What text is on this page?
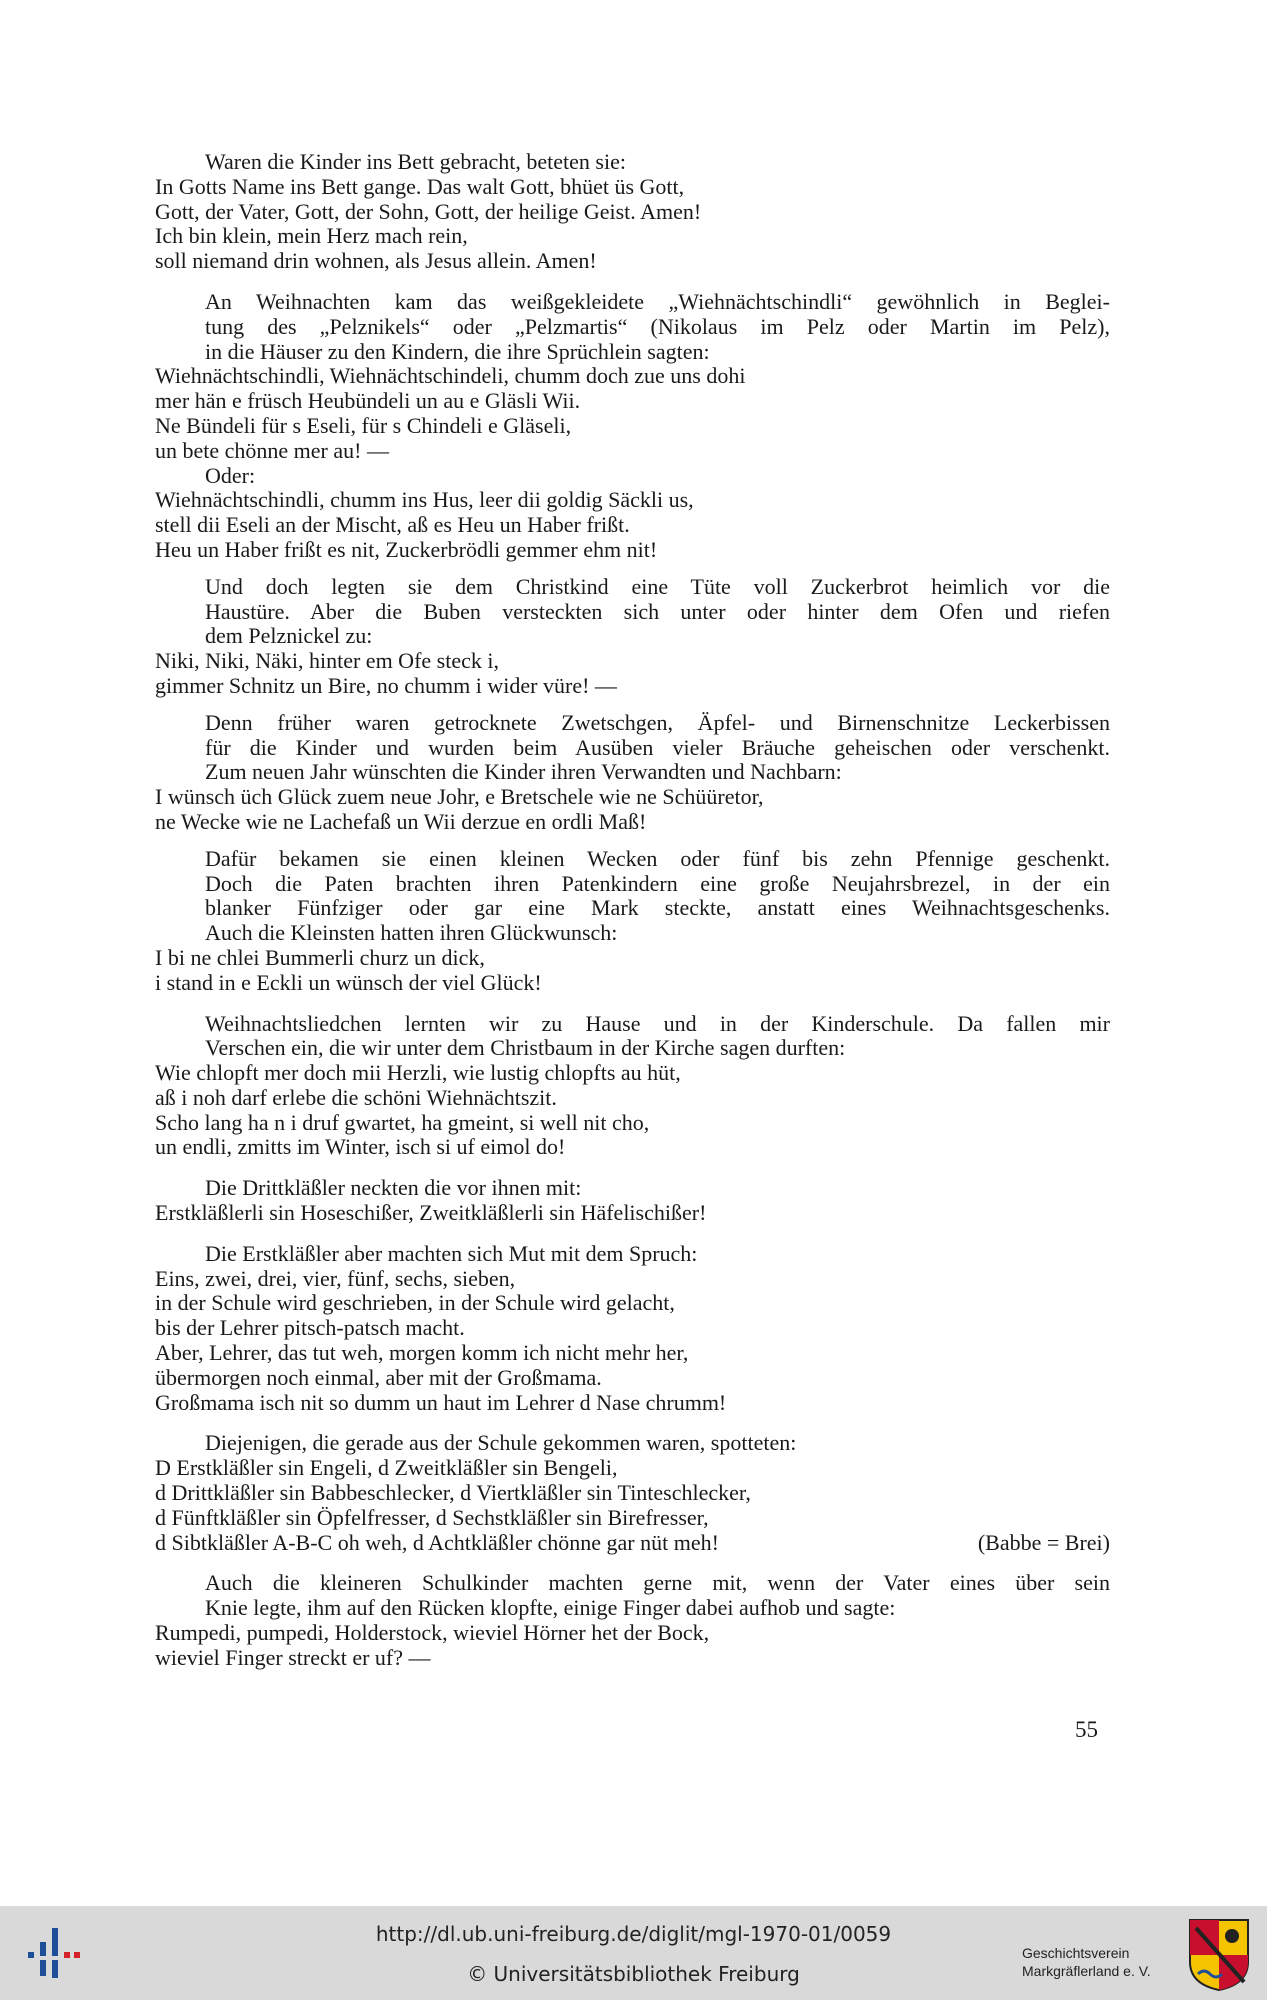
Waren die Kinder ins Bett gebracht, beteten sie:
In Gotts Name ins Bett gange. Das walt Gott, bhüet üs Gott,
Gott, der Vater, Gott, der Sohn, Gott, der heilige Geist. Amen!
Ich bin klein, mein Herz mach rein,
soll niemand drin wohnen, als Jesus allein. Amen!
An Weihnachten kam das weißgekleidete „Wiehnächtschindli“ gewöhnlich in Beglei-
tung des „Pelznikels“ oder „Pelzmartis“ (Nikolaus im Pelz oder Martin im Pelz),
in die Häuser zu den Kindern, die ihre Sprüchlein sagten:
Wiehnächtschindli, Wiehnächtschindeli, chumm doch zue uns dohi
mer hän e früsch Heubündeli un au e Gläsli Wii.
Ne Bündeli für s Eseli, für s Chindeli e Gläseli,
un bete chönne mer au! —
Oder:
Wiehnächtschindli, chumm ins Hus, leer dii goldig Säckli us,
stell dii Eseli an der Mischt, aß es Heu un Haber frißt.
Heu un Haber frißt es nit, Zuckerbrödli gemmer ehm nit!
Und doch legten sie dem Christkind eine Tüte voll Zuckerbrot heimlich vor die
Haustüre. Aber die Buben versteckten sich unter oder hinter dem Ofen und riefen
dem Pelznickel zu:
Niki, Niki, Näki, hinter em Ofe steck i,
gimmer Schnitz un Bire, no chumm i wider vüre! —
Denn früher waren getrocknete Zwetschgen, Äpfel- und Birnenschnitze Leckerbissen
für die Kinder und wurden beim Ausüben vieler Bräuche geheischen oder verschenkt.
Zum neuen Jahr wünschten die Kinder ihren Verwandten und Nachbarn:
I wünsch üch Glück zuem neue Johr, e Bretschele wie ne Schüüretor,
ne Wecke wie ne Lachefaß un Wii derzue en ordli Maß!
Dafür bekamen sie einen kleinen Wecken oder fünf bis zehn Pfennige geschenkt.
Doch die Paten brachten ihren Patenkindern eine große Neujahrsbrezel, in der ein
blanker Fünfziger oder gar eine Mark steckte, anstatt eines Weihnachtsgeschenks.
Auch die Kleinsten hatten ihren Glückwunsch:
I bi ne chlei Bummerli churz un dick,
i stand in e Eckli un wünsch der viel Glück!
Weihnachtsliedchen lernten wir zu Hause und in der Kinderschule. Da fallen mir
Verschen ein, die wir unter dem Christbaum in der Kirche sagen durften:
Wie chlopft mer doch mii Herzli, wie lustig chlopfts au hüt,
aß i noh darf erlebe die schöni Wiehnächtszit.
Scho lang ha n i druf gwartet, ha gmeint, si well nit cho,
un endli, zmitts im Winter, isch si uf eimol do!
Die Drittkläßler neckten die vor ihnen mit:
Erstkläßlerli sin Hoseschißer, Zweitkläßlerli sin Häfelischißer!
Die Erstkläßler aber machten sich Mut mit dem Spruch:
Eins, zwei, drei, vier, fünf, sechs, sieben,
in der Schule wird geschrieben, in der Schule wird gelacht,
bis der Lehrer pitsch-patsch macht.
Aber, Lehrer, das tut weh, morgen komm ich nicht mehr her,
übermorgen noch einmal, aber mit der Großmama.
Großmama isch nit so dumm un haut im Lehrer d Nase chrumm!
Diejenigen, die gerade aus der Schule gekommen waren, spotteten:
D Erstkläßler sin Engeli, d Zweitkläßler sin Bengeli,
d Drittkläßler sin Babbeschlecker, d Viertkläßler sin Tinteschlecker,
d Fünftkläßler sin Öpfelfresser, d Sechstkläßler sin Birefresser,
d Sibtkläßler A-B-C oh weh, d Achtkläßler chönne gar nüt meh!	(Babbe = Brei)
Auch die kleineren Schulkinder machten gerne mit, wenn der Vater eines über sein
Knie legte, ihm auf den Rücken klopfte, einige Finger dabei aufhob und sagte:
Rumpedi, pumpedi, Holderstock, wieviel Hörner het der Bock,
wieviel Finger streckt er uf? —
55
http://dl.ub.uni-freiburg.de/diglit/mgl-1970-01/0059
© Universitätsbibliothek Freiburg
Geschichtsverein
Markgräflerland e. V.
